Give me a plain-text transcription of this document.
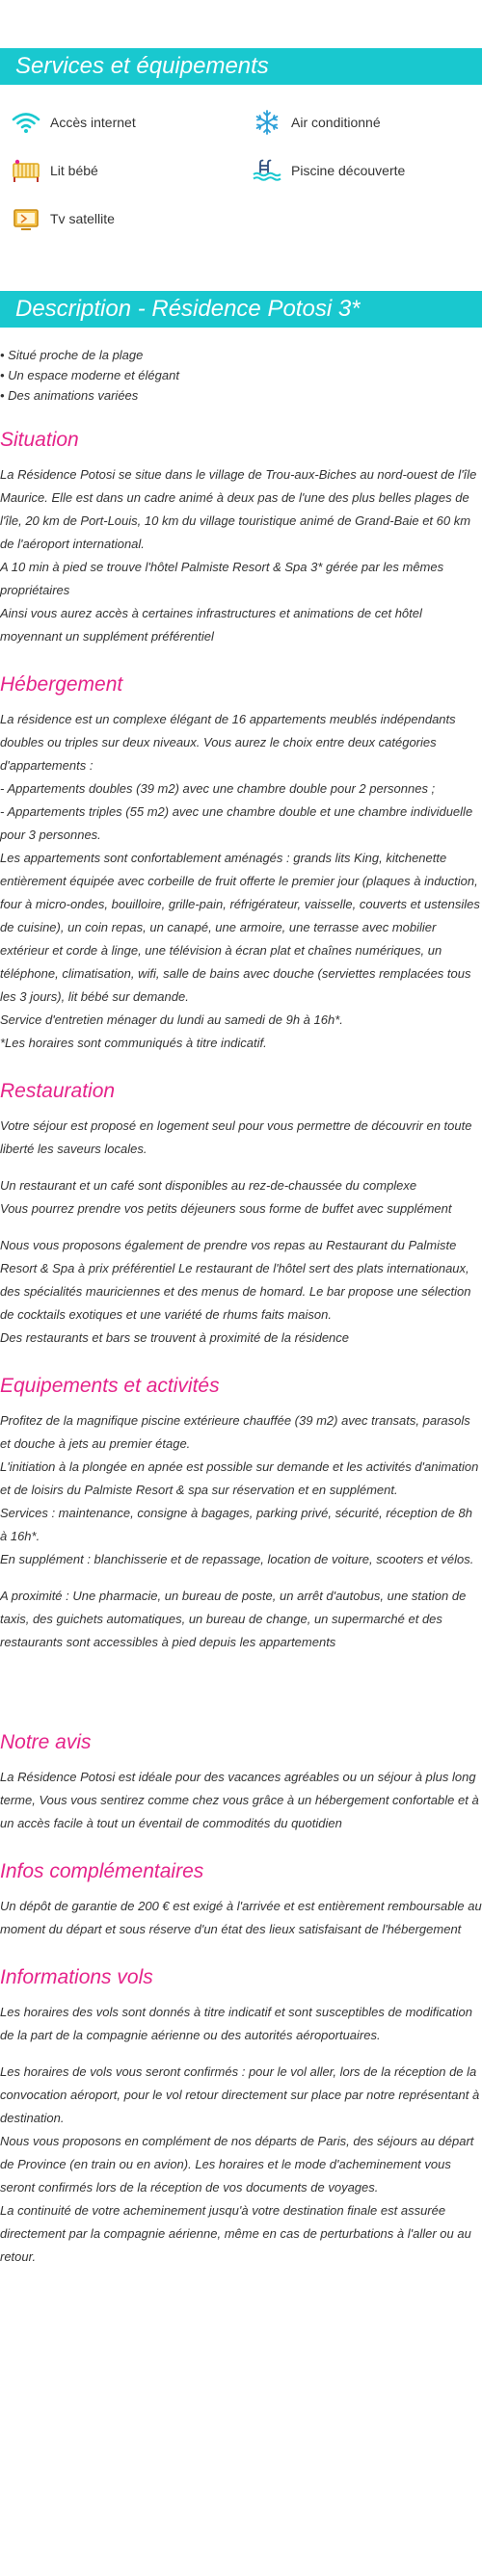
Services et équipements
Accès internet	Air conditionné
Lit bébé	Piscine découverte
Tv satellite
Description - Résidence Potosi 3*
• Situé proche de la plage
• Un espace moderne et élégant
• Des animations variées
Situation

La Résidence Potosi se situe dans le village de Trou-aux-Biches au nord-ouest de l'île Maurice. Elle est dans un cadre animé à deux pas de l'une des plus belles plages de l'île, 20 km de Port-Louis, 10 km du village touristique animé de Grand-Baie et 60 km de l'aéroport international.

A 10 min à pied se trouve l'hôtel Palmiste Resort & Spa 3* gérée par les mêmes propriétaires

Ainsi vous aurez accès à certaines infrastructures et animations de cet hôtel moyennant un supplément préférentiel

Hébergement

La résidence est un complexe élégant de 16 appartements meublés indépendants doubles ou triples sur deux niveaux. Vous aurez le choix entre deux catégories d'appartements :

- Appartements doubles (39 m2) avec une chambre double pour 2 personnes ;

- Appartements triples (55 m2) avec une chambre double et une chambre individuelle pour 3 personnes.

Les appartements sont confortablement aménagés : grands lits King, kitchenette entièrement équipée avec corbeille de fruit offerte le premier jour (plaques à induction, four à micro-ondes, bouilloire, grille-pain, réfrigérateur, vaisselle, couverts et ustensiles de cuisine), un coin repas, un canapé, une armoire, une terrasse avec mobilier extérieur et corde à linge, une télévision à écran plat et chaînes numériques, un téléphone, climatisation, wifi, salle de bains avec douche (serviettes remplacées tous les 3 jours), lit bébé sur demande.

Service d'entretien ménager du lundi au samedi de 9h à 16h*.

*Les horaires sont communiqués à titre indicatif.

Restauration

Votre séjour est proposé en logement seul pour vous permettre de découvrir en toute liberté les saveurs locales.

Un restaurant et un café sont disponibles au rez-de-chaussée du complexe

Vous pourrez prendre vos petits déjeuners sous forme de buffet avec supplément

Nous vous proposons également de prendre vos repas au Restaurant du Palmiste Resort & Spa à prix préférentiel Le restaurant de l'hôtel sert des plats internationaux, des spécialités mauriciennes et des menus de homard. Le bar propose une sélection de cocktails exotiques et une variété de rhums faits maison.

Des restaurants et bars se trouvent à proximité de la résidence

Equipements et activités

Profitez de la magnifique piscine extérieure chauffée (39 m2) avec transats, parasols et douche à jets au premier étage.

L'initiation à la plongée en apnée est possible sur demande et les activités d'animation et de loisirs du Palmiste Resort & spa sur réservation et en supplément.

Services : maintenance, consigne à bagages, parking privé, sécurité, réception de 8h à 16h*.

En supplément : blanchisserie et de repassage, location de voiture, scooters et vélos.

A proximité : Une pharmacie, un bureau de poste, un arrêt d'autobus, une station de taxis, des guichets automatiques, un bureau de change, un supermarché et des restaurants sont accessibles à pied depuis les appartements

Notre avis

La Résidence Potosi est idéale pour des vacances agréables ou un séjour à plus long terme, Vous vous sentirez comme chez vous grâce à un hébergement confortable et à un accès facile à tout un éventail de commodités du quotidien

Infos complémentaires

Un dépôt de garantie de 200 € est exigé à l'arrivée et est entièrement remboursable au moment du départ et sous réserve d'un état des lieux satisfaisant de l'hébergement

Informations vols

Les horaires des vols sont donnés à titre indicatif et sont susceptibles de modification de la part de la compagnie aérienne ou des autorités aéroportuaires.

Les horaires de vols vous seront confirmés : pour le vol aller, lors de la réception de la convocation aéroport, pour le vol retour directement sur place par notre représentant à destination.

Nous vous proposons en complément de nos départs de Paris, des séjours au départ de Province (en train ou en avion). Les horaires et le mode d'acheminement vous seront confirmés lors de la réception de vos documents de voyages.

La continuité de votre acheminement jusqu'à votre destination finale est assurée directement par la compagnie aérienne, même en cas de perturbations à l'aller ou au retour.
